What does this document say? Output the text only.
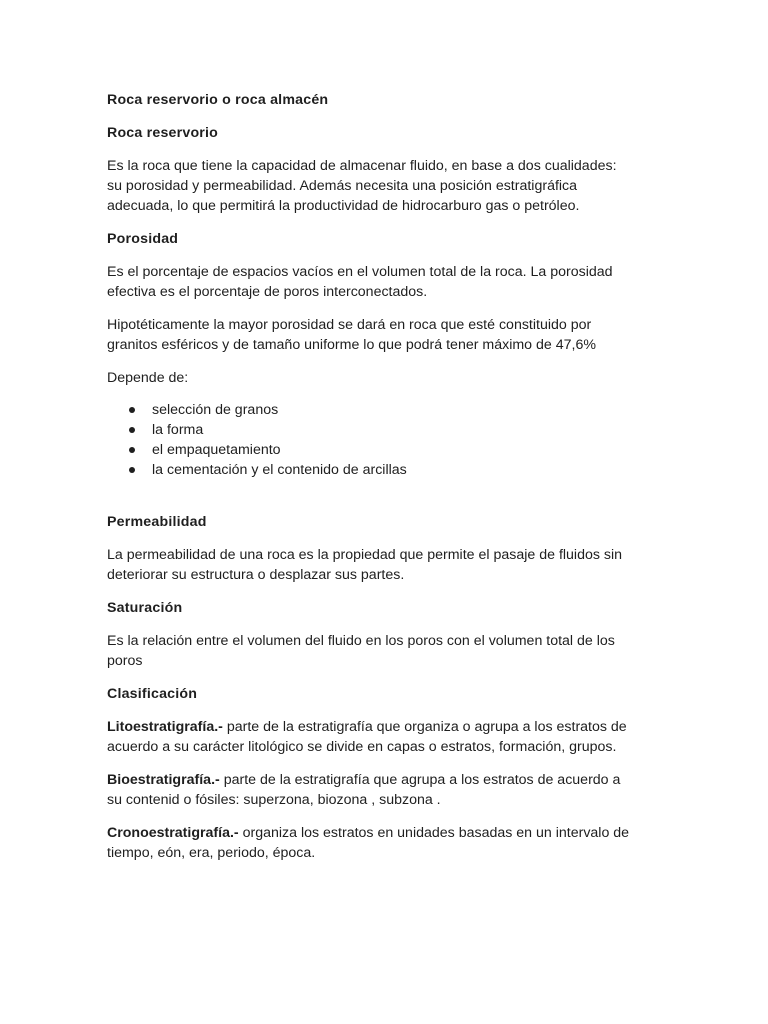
Roca reservorio o roca almacén
Roca reservorio

Es la roca que tiene la capacidad de almacenar fluido, en base a dos cualidades:
su porosidad y permeabilidad. Además necesita una posición estratigráfica
adecuada, lo que permitirá la productividad de hidrocarburo gas o petróleo.

Porosidad

Es el porcentaje de espacios vacíos en el volumen total de la roca. La porosidad
efectiva es el porcentaje de poros interconectados.

Hipotéticamente la mayor porosidad se dará en roca que esté constituido por
granitos esféricos y de tamaño uniforme lo que podrá tener máximo de 47,6%

Depende de:

selección de granos
la forma
el empaquetamiento
la cementación y el contenido de arcillas
Permeabilidad

La permeabilidad de una roca es la propiedad que permite el pasaje de fluidos sin
deteriorar su estructura o desplazar sus partes.

Saturación

Es la relación entre el volumen del fluido en los poros con el volumen total de los
poros

Clasificación

Litoestratigrafía.- parte de la estratigrafía que organiza o agrupa a los estratos de
acuerdo a su carácter litológico se divide en capas o estratos, formación, grupos.

Bioestratigrafía.- parte de la estratigrafía que agrupa a los estratos de acuerdo a
su contenid o fósiles: superzona, biozona , subzona .

Cronoestratigrafía.- organiza los estratos en unidades basadas en un intervalo de
tiempo, eón, era, periodo, época.
